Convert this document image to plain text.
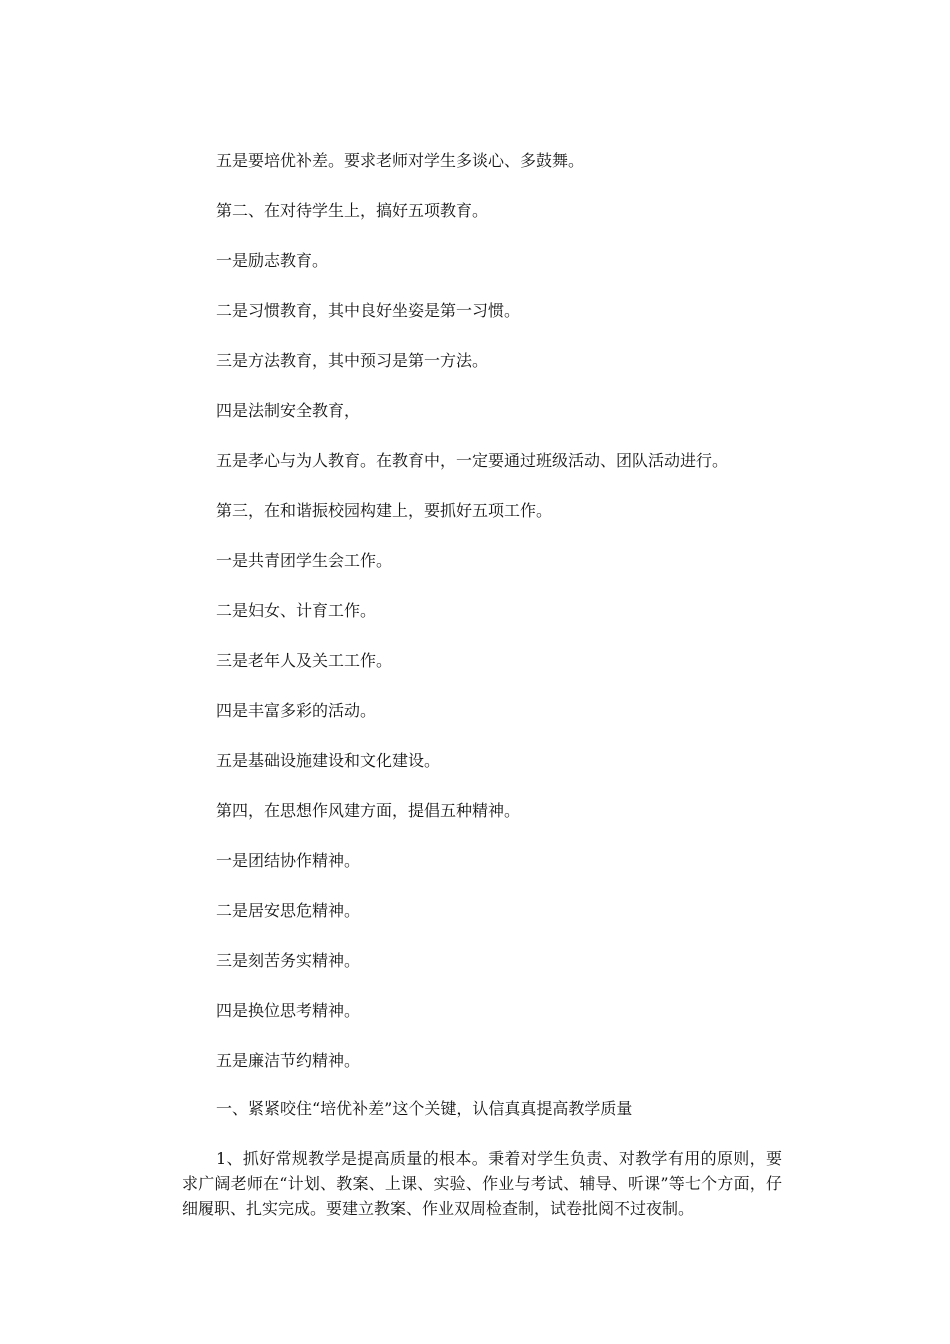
五是要培优补差。要求老师对学生多谈心、多鼓舞。

第二、在对待学生上，搞好五项教育。

一是励志教育。

二是习惯教育，其中良好坐姿是第一习惯。

三是方法教育，其中预习是第一方法。

四是法制安全教育，

五是孝心与为人教育。在教育中，一定要通过班级活动、团队活动进行。

第三，在和谐振校园构建上，要抓好五项工作。

一是共青团学生会工作。

二是妇女、计育工作。

三是老年人及关工工作。

四是丰富多彩的活动。

五是基础设施建设和文化建设。

第四，在思想作风建方面，提倡五种精神。

一是团结协作精神。

二是居安思危精神。

三是刻苦务实精神。

四是换位思考精神。

五是廉洁节约精神。

一、紧紧咬住“培优补差”这个关键，认信真真提高教学质量

1、抓好常规教学是提高质量的根本。秉着对学生负责、对教学有用的原则，要求广阔老师在“计划、教案、上课、实验、作业与考试、辅导、听课”等七个方面，仔细履职、扎实完成。要建立教案、作业双周检查制，试卷批阅不过夜制。
